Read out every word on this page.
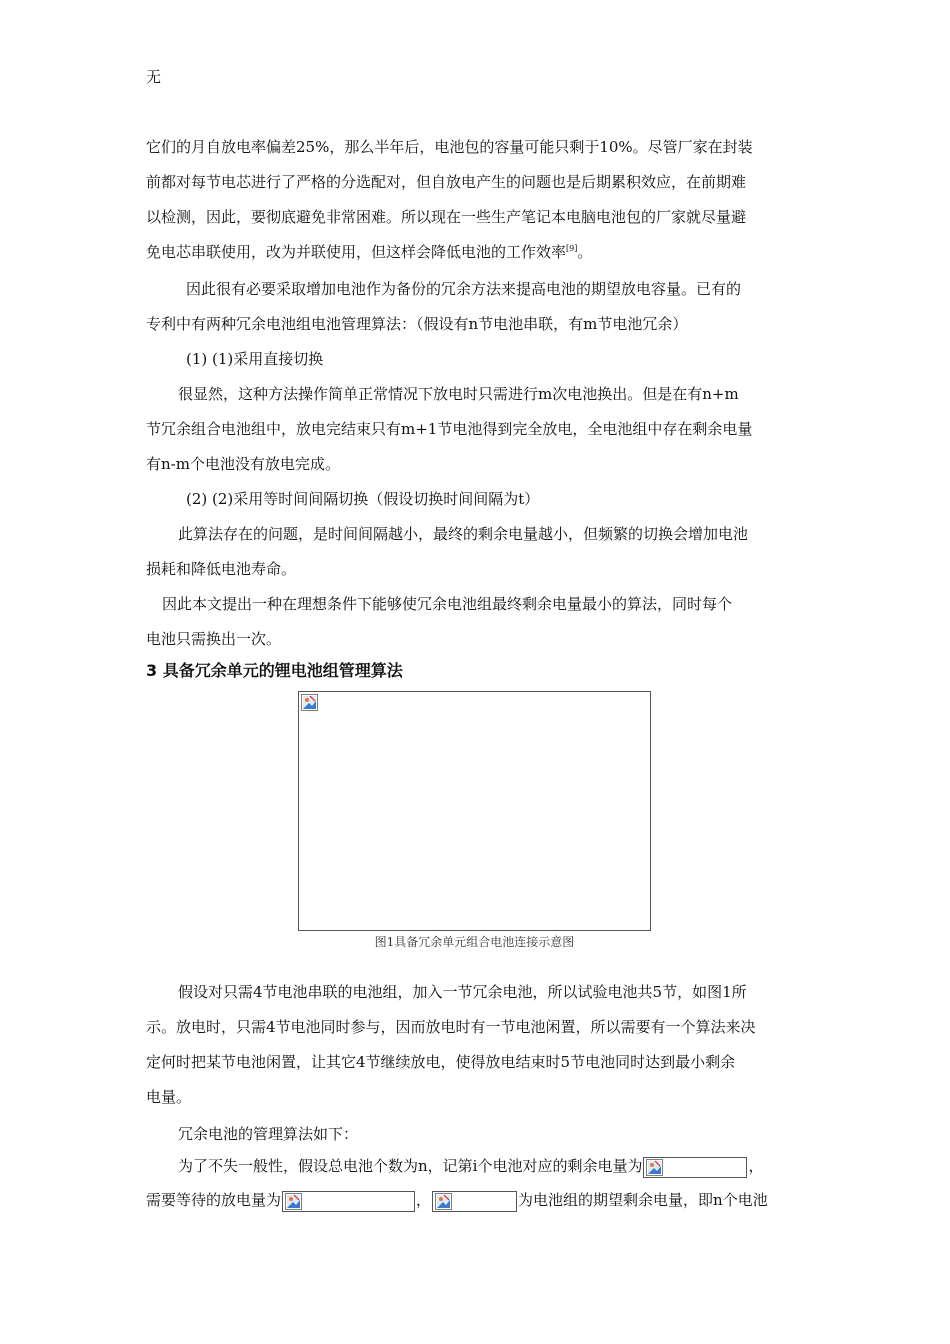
无
它们的月自放电率偏差25%，那么半年后，电池包的容量可能只剩于10%。尽管厂家在封装
前都对每节电芯进行了严格的分选配对，但自放电产生的问题也是后期累积效应，在前期难
以检测，因此，要彻底避免非常困难。所以现在一些生产笔记本电脑电池包的厂家就尽量避
免电芯串联使用，改为并联使用，但这样会降低电池的工作效率[9]。
因此很有必要采取增加电池作为备份的冗余方法来提高电池的期望放电容量。已有的
专利中有两种冗余电池组电池管理算法：（假设有n节电池串联，有m节电池冗余）
(1) (1)采用直接切换
很显然，这种方法操作简单正常情况下放电时只需进行m次电池换出。但是在有n+m
节冗余组合电池组中，放电完结束只有m+1节电池得到完全放电，全电池组中存在剩余电量
有n-m个电池没有放电完成。
(2) (2)采用等时间间隔切换（假设切换时间间隔为t）
此算法存在的问题，是时间间隔越小，最终的剩余电量越小，但频繁的切换会增加电池
损耗和降低电池寿命。
因此本文提出一种在理想条件下能够使冗余电池组最终剩余电量最小的算法，同时每个
电池只需换出一次。
3 具备冗余单元的锂电池组管理算法
图1具备冗余单元组合电池连接示意图
假设对只需4节电池串联的电池组，加入一节冗余电池，所以试验电池共5节，如图1所
示。放电时，只需4节电池同时参与，因而放电时有一节电池闲置，所以需要有一个算法来决
定何时把某节电池闲置，让其它4节继续放电，使得放电结束时5节电池同时达到最小剩余
电量。
冗余电池的管理算法如下：
为了不失一般性，假设总电池个数为n，记第i个电池对应的剩余电量为	，
需要等待的放电量为	，	为电池组的期望剩余电量，即n个电池
